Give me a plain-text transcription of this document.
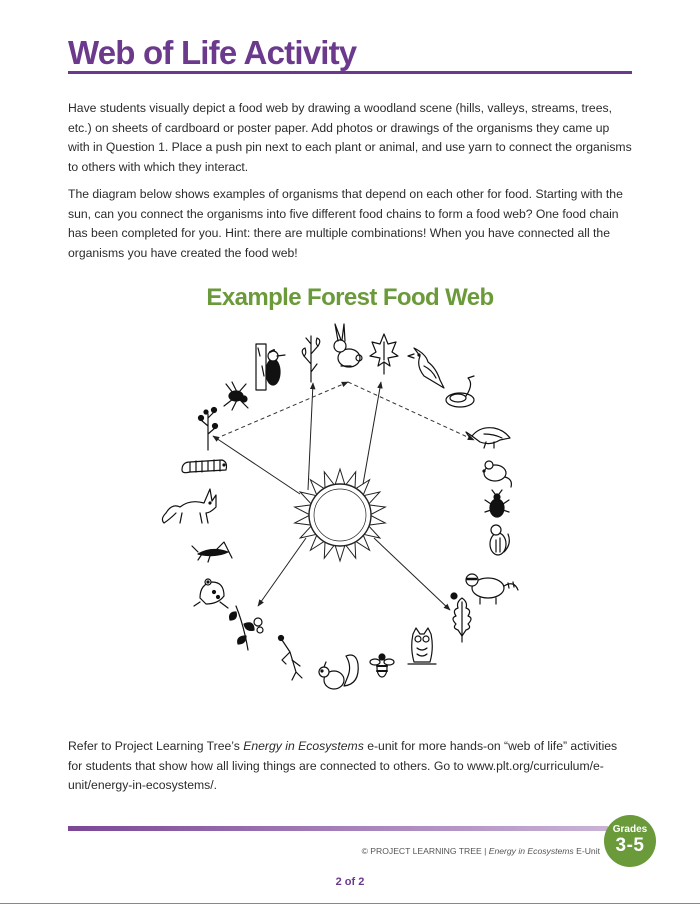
Web of Life Activity

Have students visually depict a food web by drawing a woodland scene (hills, valleys, streams, trees, etc.) on sheets of cardboard or poster paper. Add photos or drawings of the organisms they came up with in Question 1. Place a push pin next to each plant or animal, and use yarn to connect the organisms to others with which they interact.

The diagram below shows examples of organisms that depend on each other for food. Starting with the sun, can you connect the organisms into five different food chains to form a food web? One food chain has been completed for you. Hint: there are multiple combinations! When you have connected all the organisms you have created the food web!

Example Forest Food Web

Refer to Project Learning Tree’s Energy in Ecosystems e-unit for more hands-on “web of life” activities for students that show how all living things are connected to others. Go to www.plt.org/curriculum/e-unit/energy-in-ecosystems/.

Grades
3-5
© PROJECT LEARNING TREE | Energy in Ecosystems E-Unit
2 of 2
